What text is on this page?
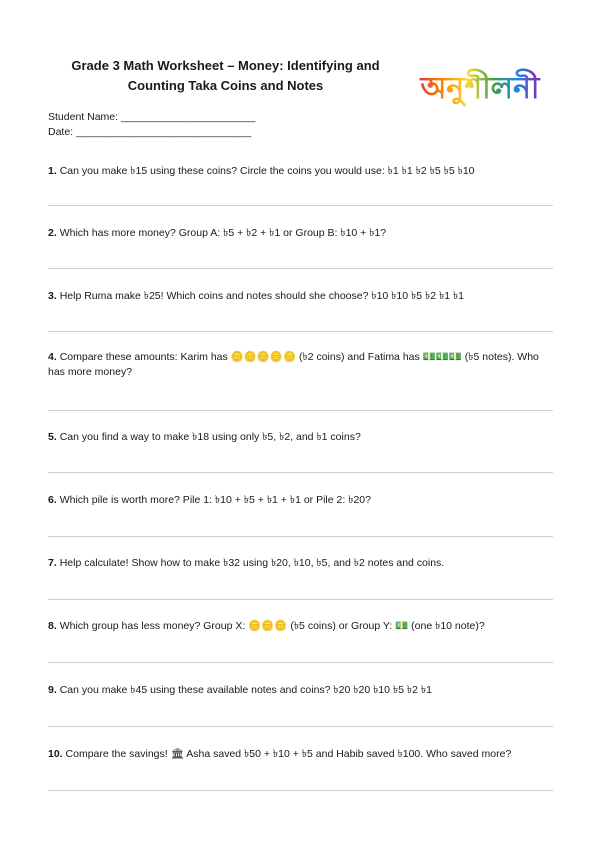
Grade 3 Math Worksheet – Money: Identifying and
Counting Taka Coins and Notes	অনুশীলনী
Student Name: _______________________
Date: ______________________________
1. Can you make ৳15 using these coins? Circle the coins you would use: ৳1 ৳1 ৳2 ৳5 ৳5 ৳10
2. Which has more money? Group A: ৳5 + ৳2 + ৳1 or Group B: ৳10 + ৳1?
3. Help Ruma make ৳25! Which coins and notes should she choose? ৳10 ৳10 ৳5 ৳2 ৳1 ৳1
4. Compare these amounts: Karim has 🪙🪙🪙🪙🪙 (৳2 coins) and Fatima has 💵💵💵 (৳5 notes). Who has more money?
5. Can you find a way to make ৳18 using only ৳5, ৳2, and ৳1 coins?
6. Which pile is worth more? Pile 1: ৳10 + ৳5 + ৳1 + ৳1 or Pile 2: ৳20?
7. Help calculate! Show how to make ৳32 using ৳20, ৳10, ৳5, and ৳2 notes and coins.
8. Which group has less money? Group X: 🪙🪙🪙 (৳5 coins) or Group Y: 💵 (one ৳10 note)?
9. Can you make ৳45 using these available notes and coins? ৳20 ৳20 ৳10 ৳5 ৳2 ৳1
10. Compare the savings! 🏛 Asha saved ৳50 + ৳10 + ৳5 and Habib saved ৳100. Who saved more?
